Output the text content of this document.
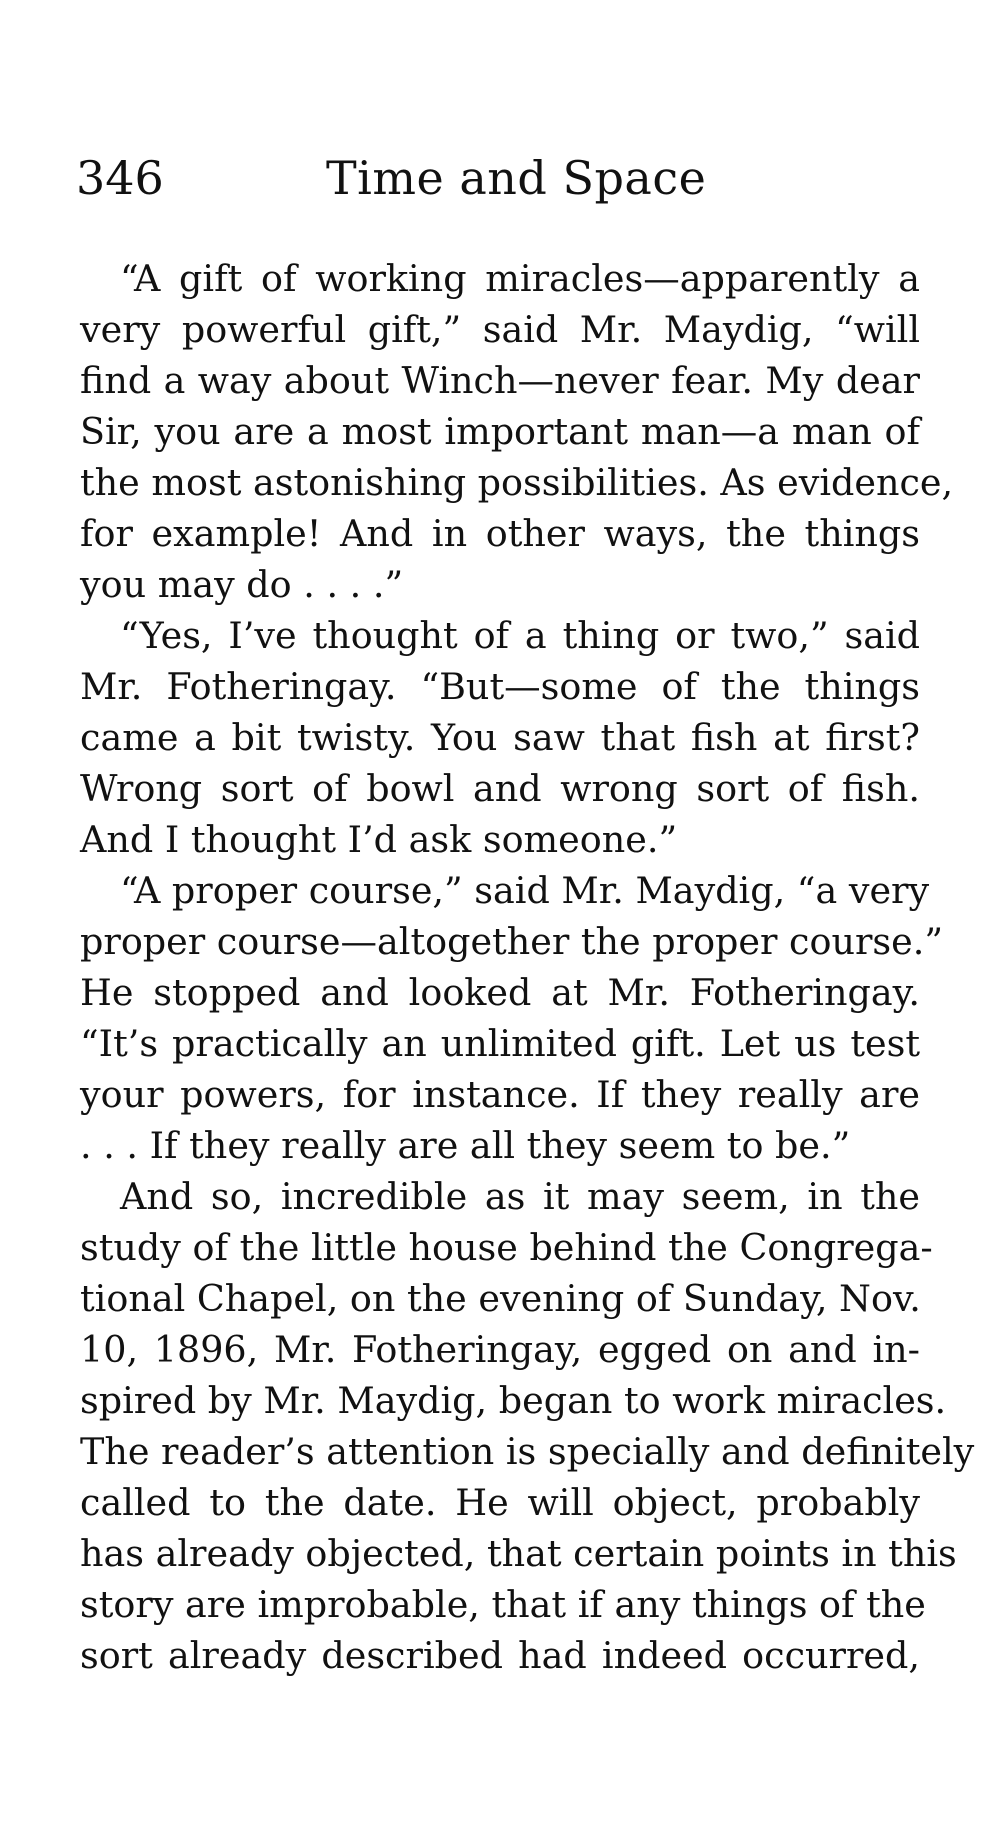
346	Time and Space
“A gift of working miracles—apparently a
very powerful gift,” said Mr. Maydig, “will
find a way about Winch—never fear. My dear
Sir, you are a most important man—a man of
the most astonishing possibilities. As evidence,
for example! And in other ways, the things
you may do . . . .”
“Yes, I’ve thought of a thing or two,” said
Mr. Fotheringay. “But—some of the things
came a bit twisty. You saw that fish at first?
Wrong sort of bowl and wrong sort of fish.
And I thought I’d ask someone.”
“A proper course,” said Mr. Maydig, “a very
proper course—altogether the proper course.”
He stopped and looked at Mr. Fotheringay.
“It’s practically an unlimited gift. Let us test
your powers, for instance. If they really are
. . . If they really are all they seem to be.”
And so, incredible as it may seem, in the
study of the little house behind the Congrega-
tional Chapel, on the evening of Sunday, Nov.
10, 1896, Mr. Fotheringay, egged on and in-
spired by Mr. Maydig, began to work miracles.
The reader’s attention is specially and definitely
called to the date. He will object, probably
has already objected, that certain points in this
story are improbable, that if any things of the
sort already described had indeed occurred,
